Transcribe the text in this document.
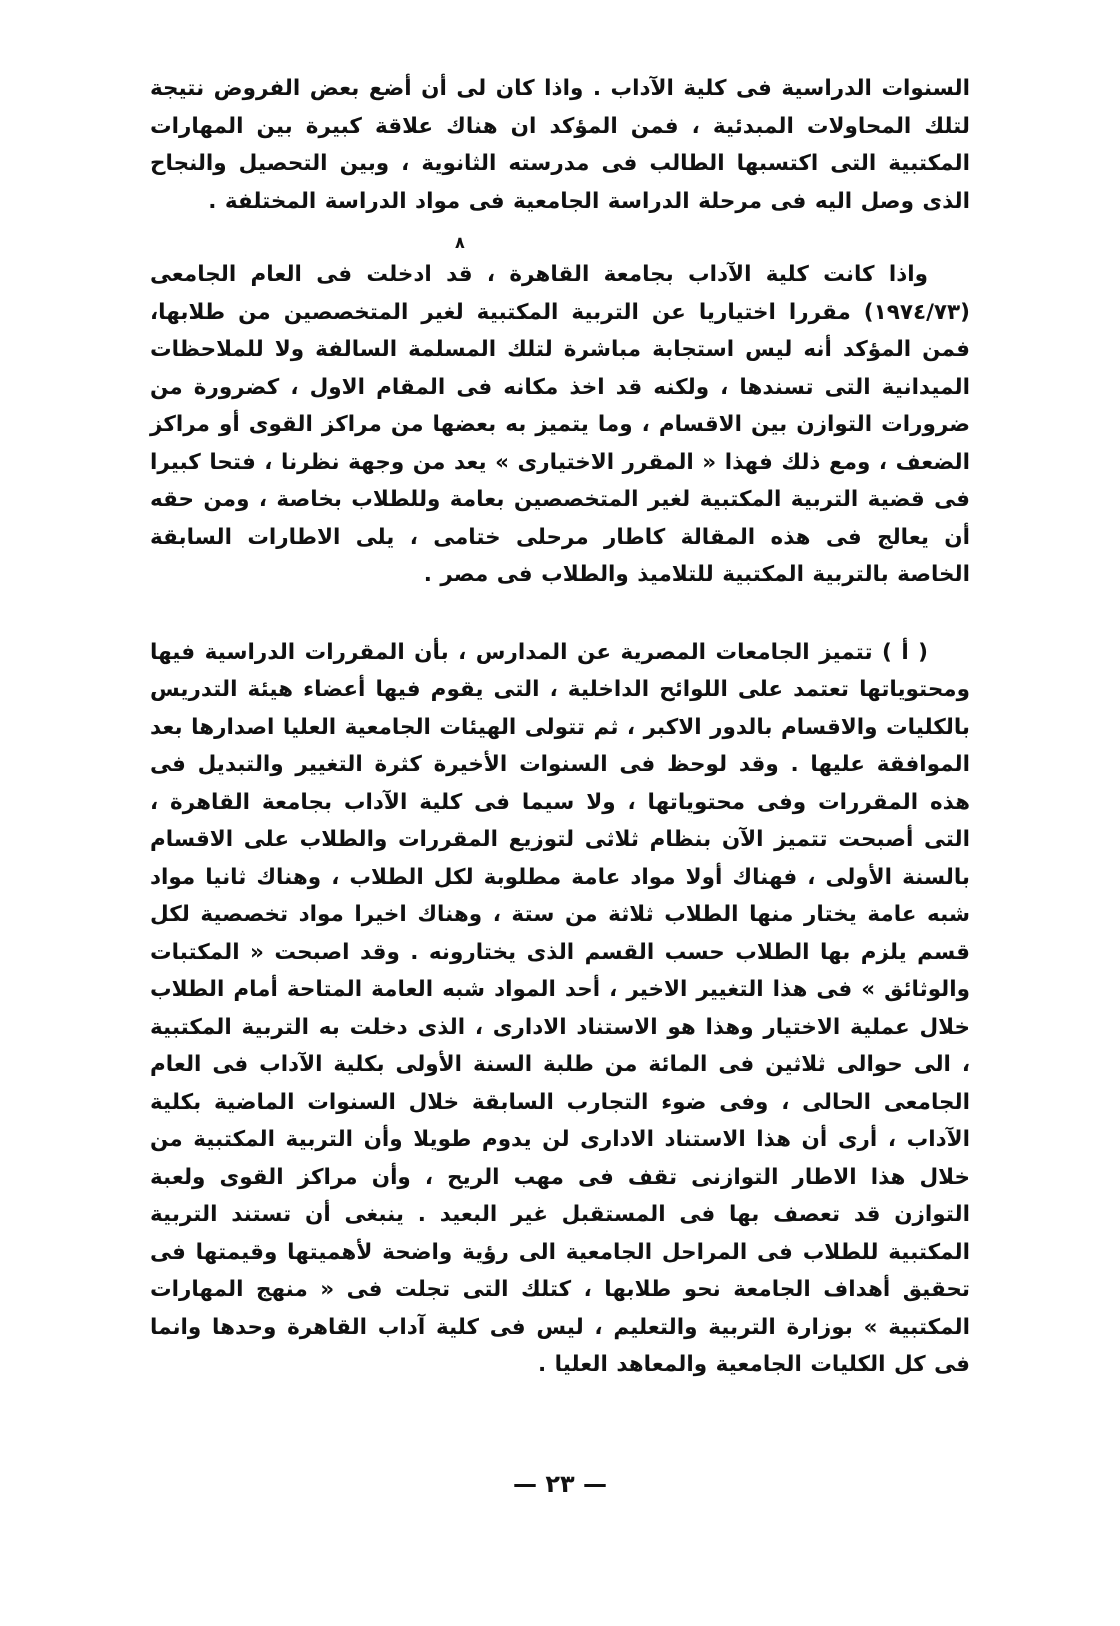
السنوات الدراسية فى كلية الآداب . واذا كان لى أن أضع بعض الفروض نتيجة لتلك المحاولات المبدئية ، فمن المؤكد ان هناك علاقة كبيرة بين المهارات المكتبية التى اكتسبها الطالب فى مدرسته الثانوية ، وبين التحصيل والنجاح الذى وصل اليه فى مرحلة الدراسة الجامعية فى مواد الدراسة المختلفة .

واذا كانت كلية الآداب بجامعة القاهرة ، قد ادخلت فى العام الجامعى (١٩٧٤/٧٣) مقررا اختياريا عن التربية المكتبية لغير المتخصصين من طلابها، فمن المؤكد أنه ليس استجابة مباشرة لتلك المسلمة السالفة ولا للملاحظات الميدانية التى تسندها ، ولكنه قد اخذ مكانه فى المقام الاول ، كضرورة من ضرورات التوازن بين الاقسام ، وما يتميز به بعضها من مراكز القوى أو مراكز الضعف ، ومع ذلك فهذا « المقرر الاختيارى » يعد من وجهة نظرنا ، فتحا كبيرا فى قضية التربية المكتبية لغير المتخصصين بعامة وللطلاب بخاصة ، ومن حقه أن يعالج فى هذه المقالة كاطار مرحلى ختامى ، يلى الاطارات السابقة الخاصة بالتربية المكتبية للتلاميذ والطلاب فى مصر .

( أ ) تتميز الجامعات المصرية عن المدارس ، بأن المقررات الدراسية فيها ومحتوياتها تعتمد على اللوائح الداخلية ، التى يقوم فيها أعضاء هيئة التدريس بالكليات والاقسام بالدور الاكبر ، ثم تتولى الهيئات الجامعية العليا اصدارها بعد الموافقة عليها . وقد لوحظ فى السنوات الأخيرة كثرة التغيير والتبديل فى هذه المقررات وفى محتوياتها ، ولا سيما فى كلية الآداب بجامعة القاهرة ، التى أصبحت تتميز الآن بنظام ثلاثى لتوزيع المقررات والطلاب على الاقسام بالسنة الأولى ، فهناك أولا مواد عامة مطلوبة لكل الطلاب ، وهناك ثانيا مواد شبه عامة يختار منها الطلاب ثلاثة من ستة ، وهناك اخيرا مواد تخصصية لكل قسم يلزم بها الطلاب حسب القسم الذى يختارونه . وقد اصبحت « المكتبات والوثائق » فى هذا التغيير الاخير ، أحد المواد شبه العامة المتاحة أمام الطلاب خلال عملية الاختيار وهذا هو الاستناد الادارى ، الذى دخلت به التربية المكتبية ، الى حوالى ثلاثين فى المائة من طلبة السنة الأولى بكلية الآداب فى العام الجامعى الحالى ، وفى ضوء التجارب السابقة خلال السنوات الماضية بكلية الآداب ، أرى أن هذا الاستناد الادارى لن يدوم طويلا وأن التربية المكتبية من خلال هذا الاطار التوازنى تقف فى مهب الريح ، وأن مراكز القوى ولعبة التوازن قد تعصف بها فى المستقبل غير البعيد . ينبغى أن تستند التربية المكتبية للطلاب فى المراحل الجامعية الى رؤية واضحة لأهميتها وقيمتها فى تحقيق أهداف الجامعة نحو طلابها ، كتلك التى تجلت فى « منهج المهارات المكتبية » بوزارة التربية والتعليم ، ليس فى كلية آداب القاهرة وحدها وانما فى كل الكليات الجامعية والمعاهد العليا .

٨
— ٢٣ —
